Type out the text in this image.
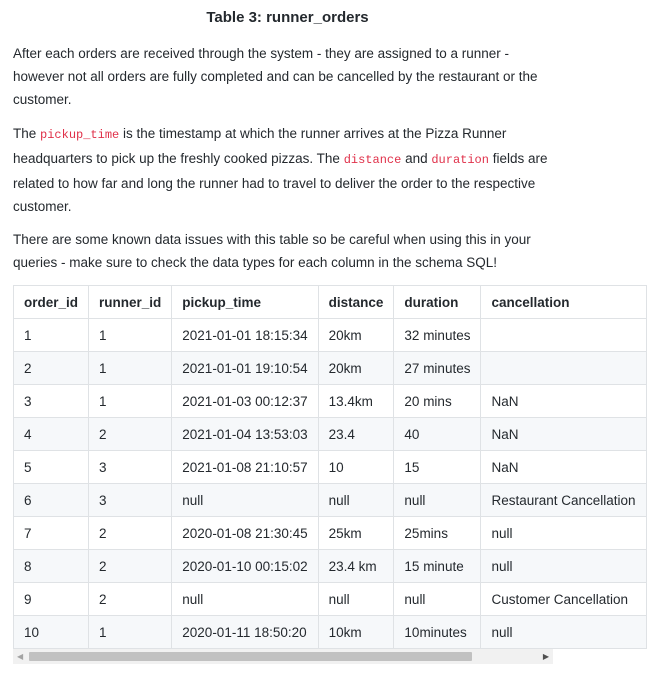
Table 3: runner_orders

After each orders are received through the system - they are assigned to a runner - however not all orders are fully completed and can be cancelled by the restaurant or the customer.

The pickup_time is the timestamp at which the runner arrives at the Pizza Runner headquarters to pick up the freshly cooked pizzas. The distance and duration fields are related to how far and long the runner had to travel to deliver the order to the respective customer.

There are some known data issues with this table so be careful when using this in your queries - make sure to check the data types for each column in the schema SQL!

order_id	runner_id	pickup_time	distance	duration	cancellation
1	1	2021-01-01 18:15:34	20km	32 minutes	
2	1	2021-01-01 19:10:54	20km	27 minutes	
3	1	2021-01-03 00:12:37	13.4km	20 mins	NaN
4	2	2021-01-04 13:53:03	23.4	40	NaN
5	3	2021-01-08 21:10:57	10	15	NaN
6	3	null	null	null	Restaurant Cancellation
7	2	2020-01-08 21:30:45	25km	25mins	null
8	2	2020-01-10 00:15:02	23.4 km	15 minute	null
9	2	null	null	null	Customer Cancellation
10	1	2020-01-11 18:50:20	10km	10minutes	null
◀	▶
